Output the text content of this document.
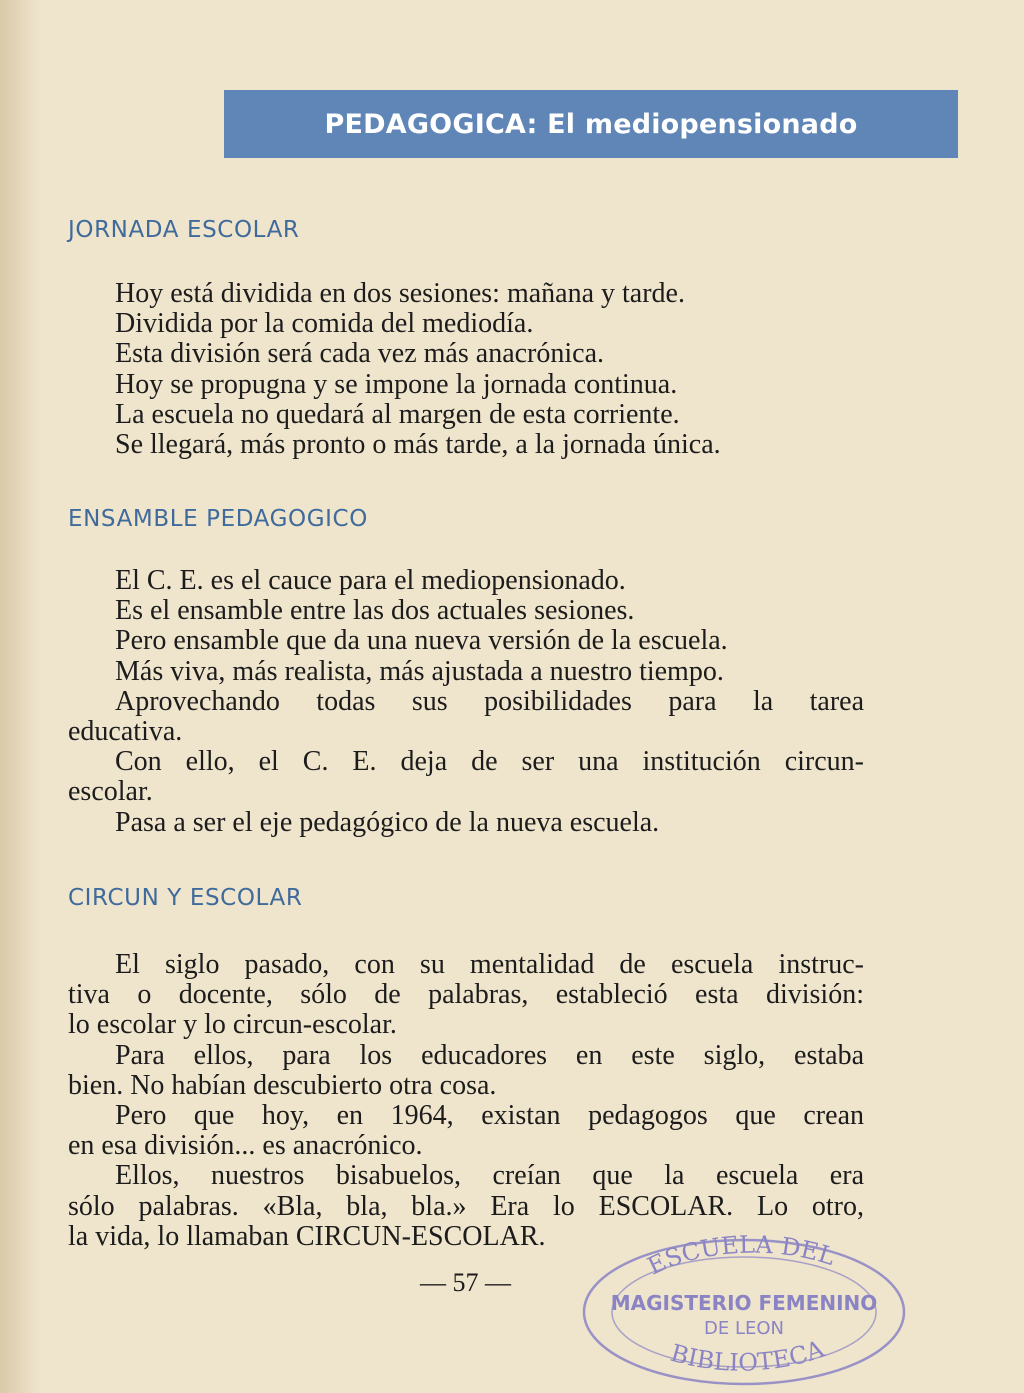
PEDAGOGICA: El mediopensionado
JORNADA ESCOLAR
Hoy está dividida en dos sesiones: mañana y tarde.
Dividida por la comida del mediodía.
Esta división será cada vez más anacrónica.
Hoy se propugna y se impone la jornada continua.
La escuela no quedará al margen de esta corriente.
Se llegará, más pronto o más tarde, a la jornada única.
ENSAMBLE PEDAGOGICO
El C. E. es el cauce para el mediopensionado.
Es el ensamble entre las dos actuales sesiones.
Pero ensamble que da una nueva versión de la escuela.
Más viva, más realista, más ajustada a nuestro tiempo.
Aprovechando todas sus posibilidades para la tarea
educativa.
Con ello, el C. E. deja de ser una institución circun-
escolar.
Pasa a ser el eje pedagógico de la nueva escuela.
CIRCUN Y ESCOLAR
El siglo pasado, con su mentalidad de escuela instruc-
tiva o docente, sólo de palabras, estableció esta división:
lo escolar y lo circun-escolar.
Para ellos, para los educadores en este siglo, estaba
bien. No habían descubierto otra cosa.
Pero que hoy, en 1964, existan pedagogos que crean
en esa división... es anacrónico.
Ellos, nuestros bisabuelos, creían que la escuela era
sólo palabras. «Bla, bla, bla.» Era lo ESCOLAR. Lo otro,
la vida, lo llamaban CIRCUN-ESCOLAR.
— 57 —
ESCUELA DEL
MAGISTERIO FEMENINO
DE LEON
BIBLIOTECA
